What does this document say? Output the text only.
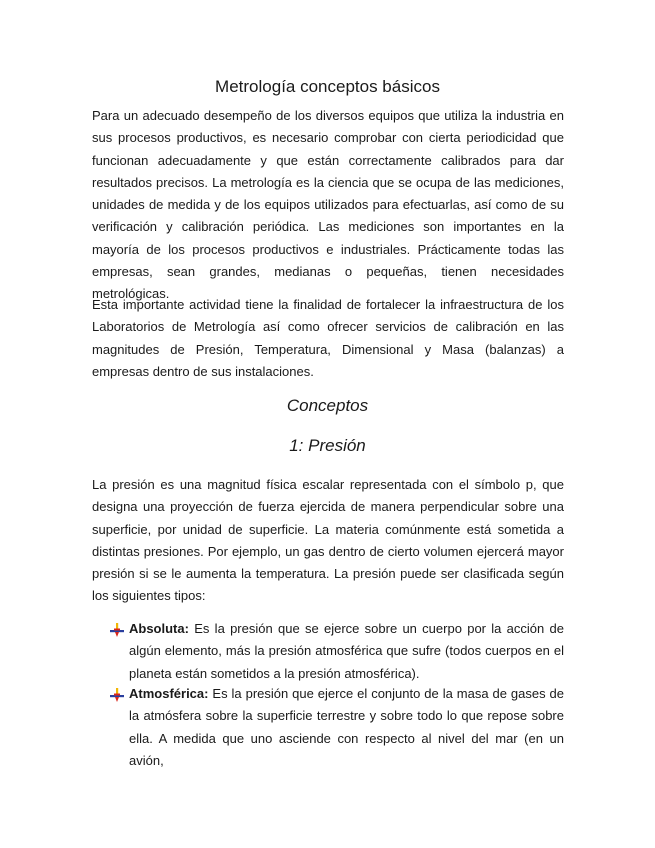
Metrología conceptos básicos

Para un adecuado desempeño de los diversos equipos que utiliza la industria en sus procesos productivos, es necesario comprobar con cierta periodicidad que funcionan adecuadamente y que están correctamente calibrados para dar resultados precisos. La metrología es la ciencia que se ocupa de las mediciones, unidades de medida y de los equipos utilizados para efectuarlas, así como de su verificación y calibración periódica. Las mediciones son importantes en la mayoría de los procesos productivos e industriales. Prácticamente todas las empresas, sean grandes, medianas o pequeñas, tienen necesidades metrológicas.

Esta importante actividad tiene la finalidad de fortalecer la infraestructura de los Laboratorios de Metrología así como ofrecer servicios de calibración en las magnitudes de Presión, Temperatura, Dimensional y Masa (balanzas) a empresas dentro de sus instalaciones.

Conceptos
1: Presión

La presión es una magnitud física escalar representada con el símbolo p, que designa una proyección de fuerza ejercida de manera perpendicular sobre una superficie, por unidad de superficie. La materia comúnmente está sometida a distintas presiones. Por ejemplo, un gas dentro de cierto volumen ejercerá mayor presión si se le aumenta la temperatura. La presión puede ser clasificada según los siguientes tipos:

Absoluta: Es la presión que se ejerce sobre un cuerpo por la acción de algún elemento, más la presión atmosférica que sufre (todos cuerpos en el planeta están sometidos a la presión atmosférica).

Atmosférica: Es la presión que ejerce el conjunto de la masa de gases de la atmósfera sobre la superficie terrestre y sobre todo lo que repose sobre ella. A medida que uno asciende con respecto al nivel del mar (en un avión,
